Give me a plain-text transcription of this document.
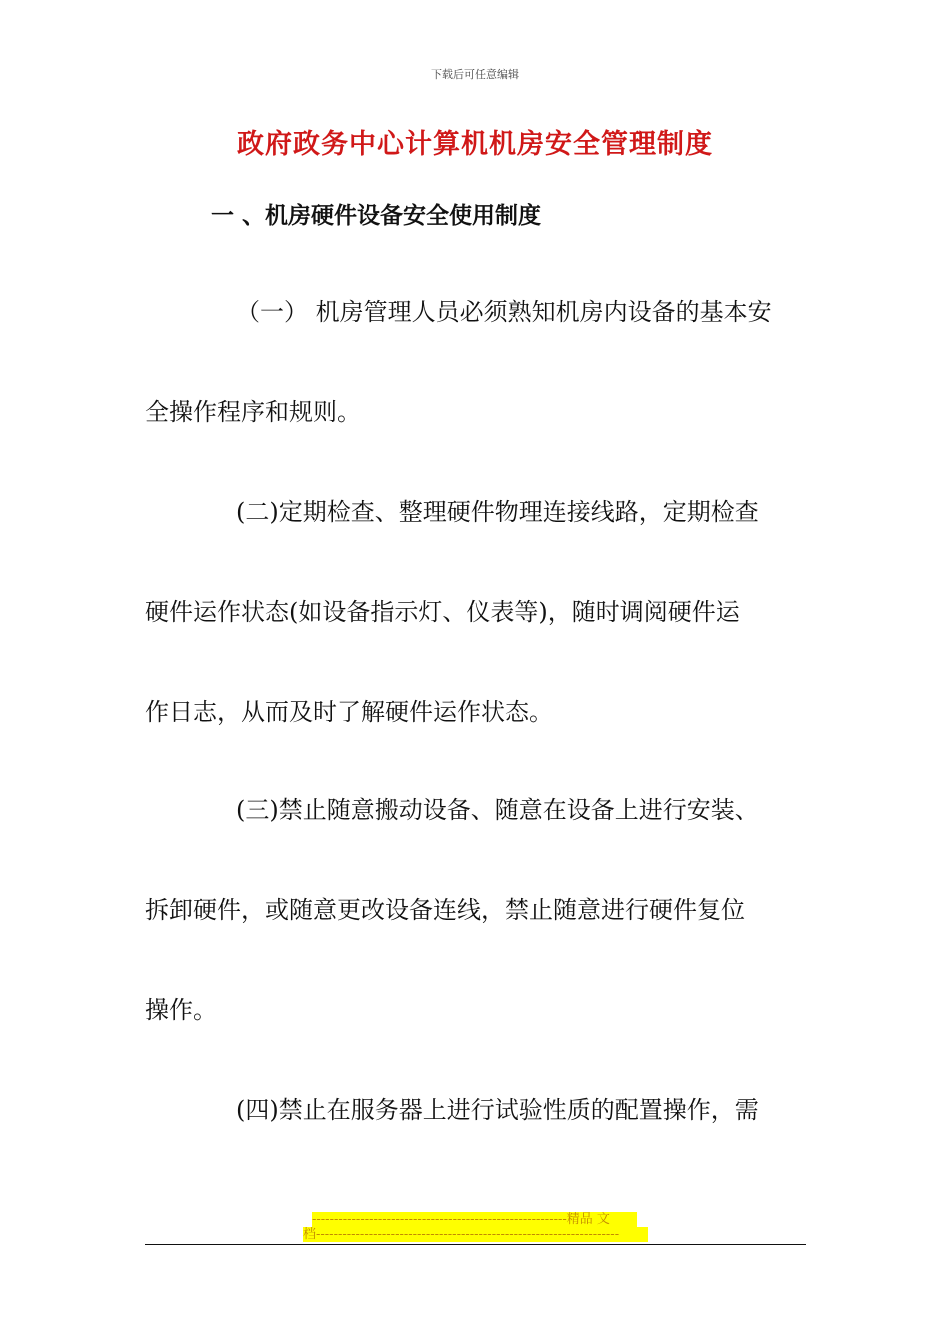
下载后可任意编辑
政府政务中心计算机机房安全管理制度
一 、机房硬件设备安全使用制度
（一） 机房管理人员必须熟知机房内设备的基本安
全操作程序和规则。
(二)定期检查、整理硬件物理连接线路，定期检查
硬件运作状态(如设备指示灯、仪表等)，随时调阅硬件运
作日志，从而及时了解硬件运作状态。
(三)禁止随意搬动设备、随意在设备上进行安装、
拆卸硬件，或随意更改设备连线，禁止随意进行硬件复位
操作。
(四)禁止在服务器上进行试验性质的配置操作，需
----------------------------------------------------------精品 文
档---------------------------------------------------------------------
